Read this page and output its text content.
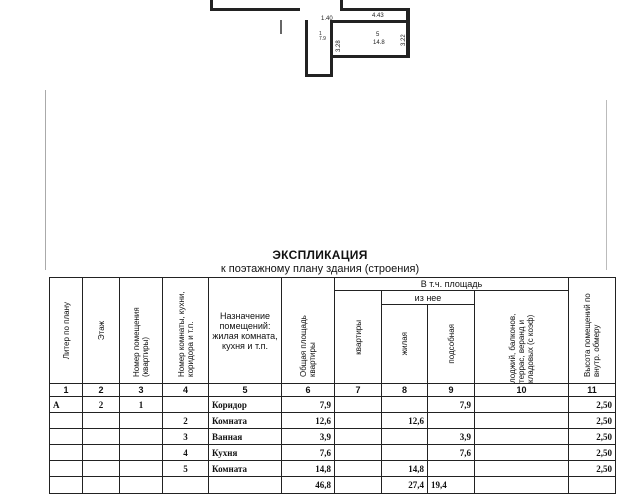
4.43
1.40
5
14.8
1
7.9	3.22
3.28
ЭКСПЛИКАЦИЯ
к поэтажному плану здания (строения)
Литер по плану	Этаж	Номер помещения (квартиры)	Номер комнаты, кухни, коридора и т.п.	Назначение помещений: жилая комната, кухня и т.п.	Общая площадь квартиры	В т.ч. площадь				Высота помещений по внутр. обмеру

						квартиры	из нее		лоджий, балконов, террас, веранд и кладовых (с коэф)	

							жилая	подсобная		

1	2	3	4	5	6	7	8	9	10	11
А	2	1		Коридор	7,9			7,9		2,50
			2	Комната	12,6		12,6			2,50
			3	Ванная	3,9			3,9		2,50
			4	Кухня	7,6			7,6		2,50
			5	Комната	14,8		14,8			2,50
					46,8		27,4	19,4		
